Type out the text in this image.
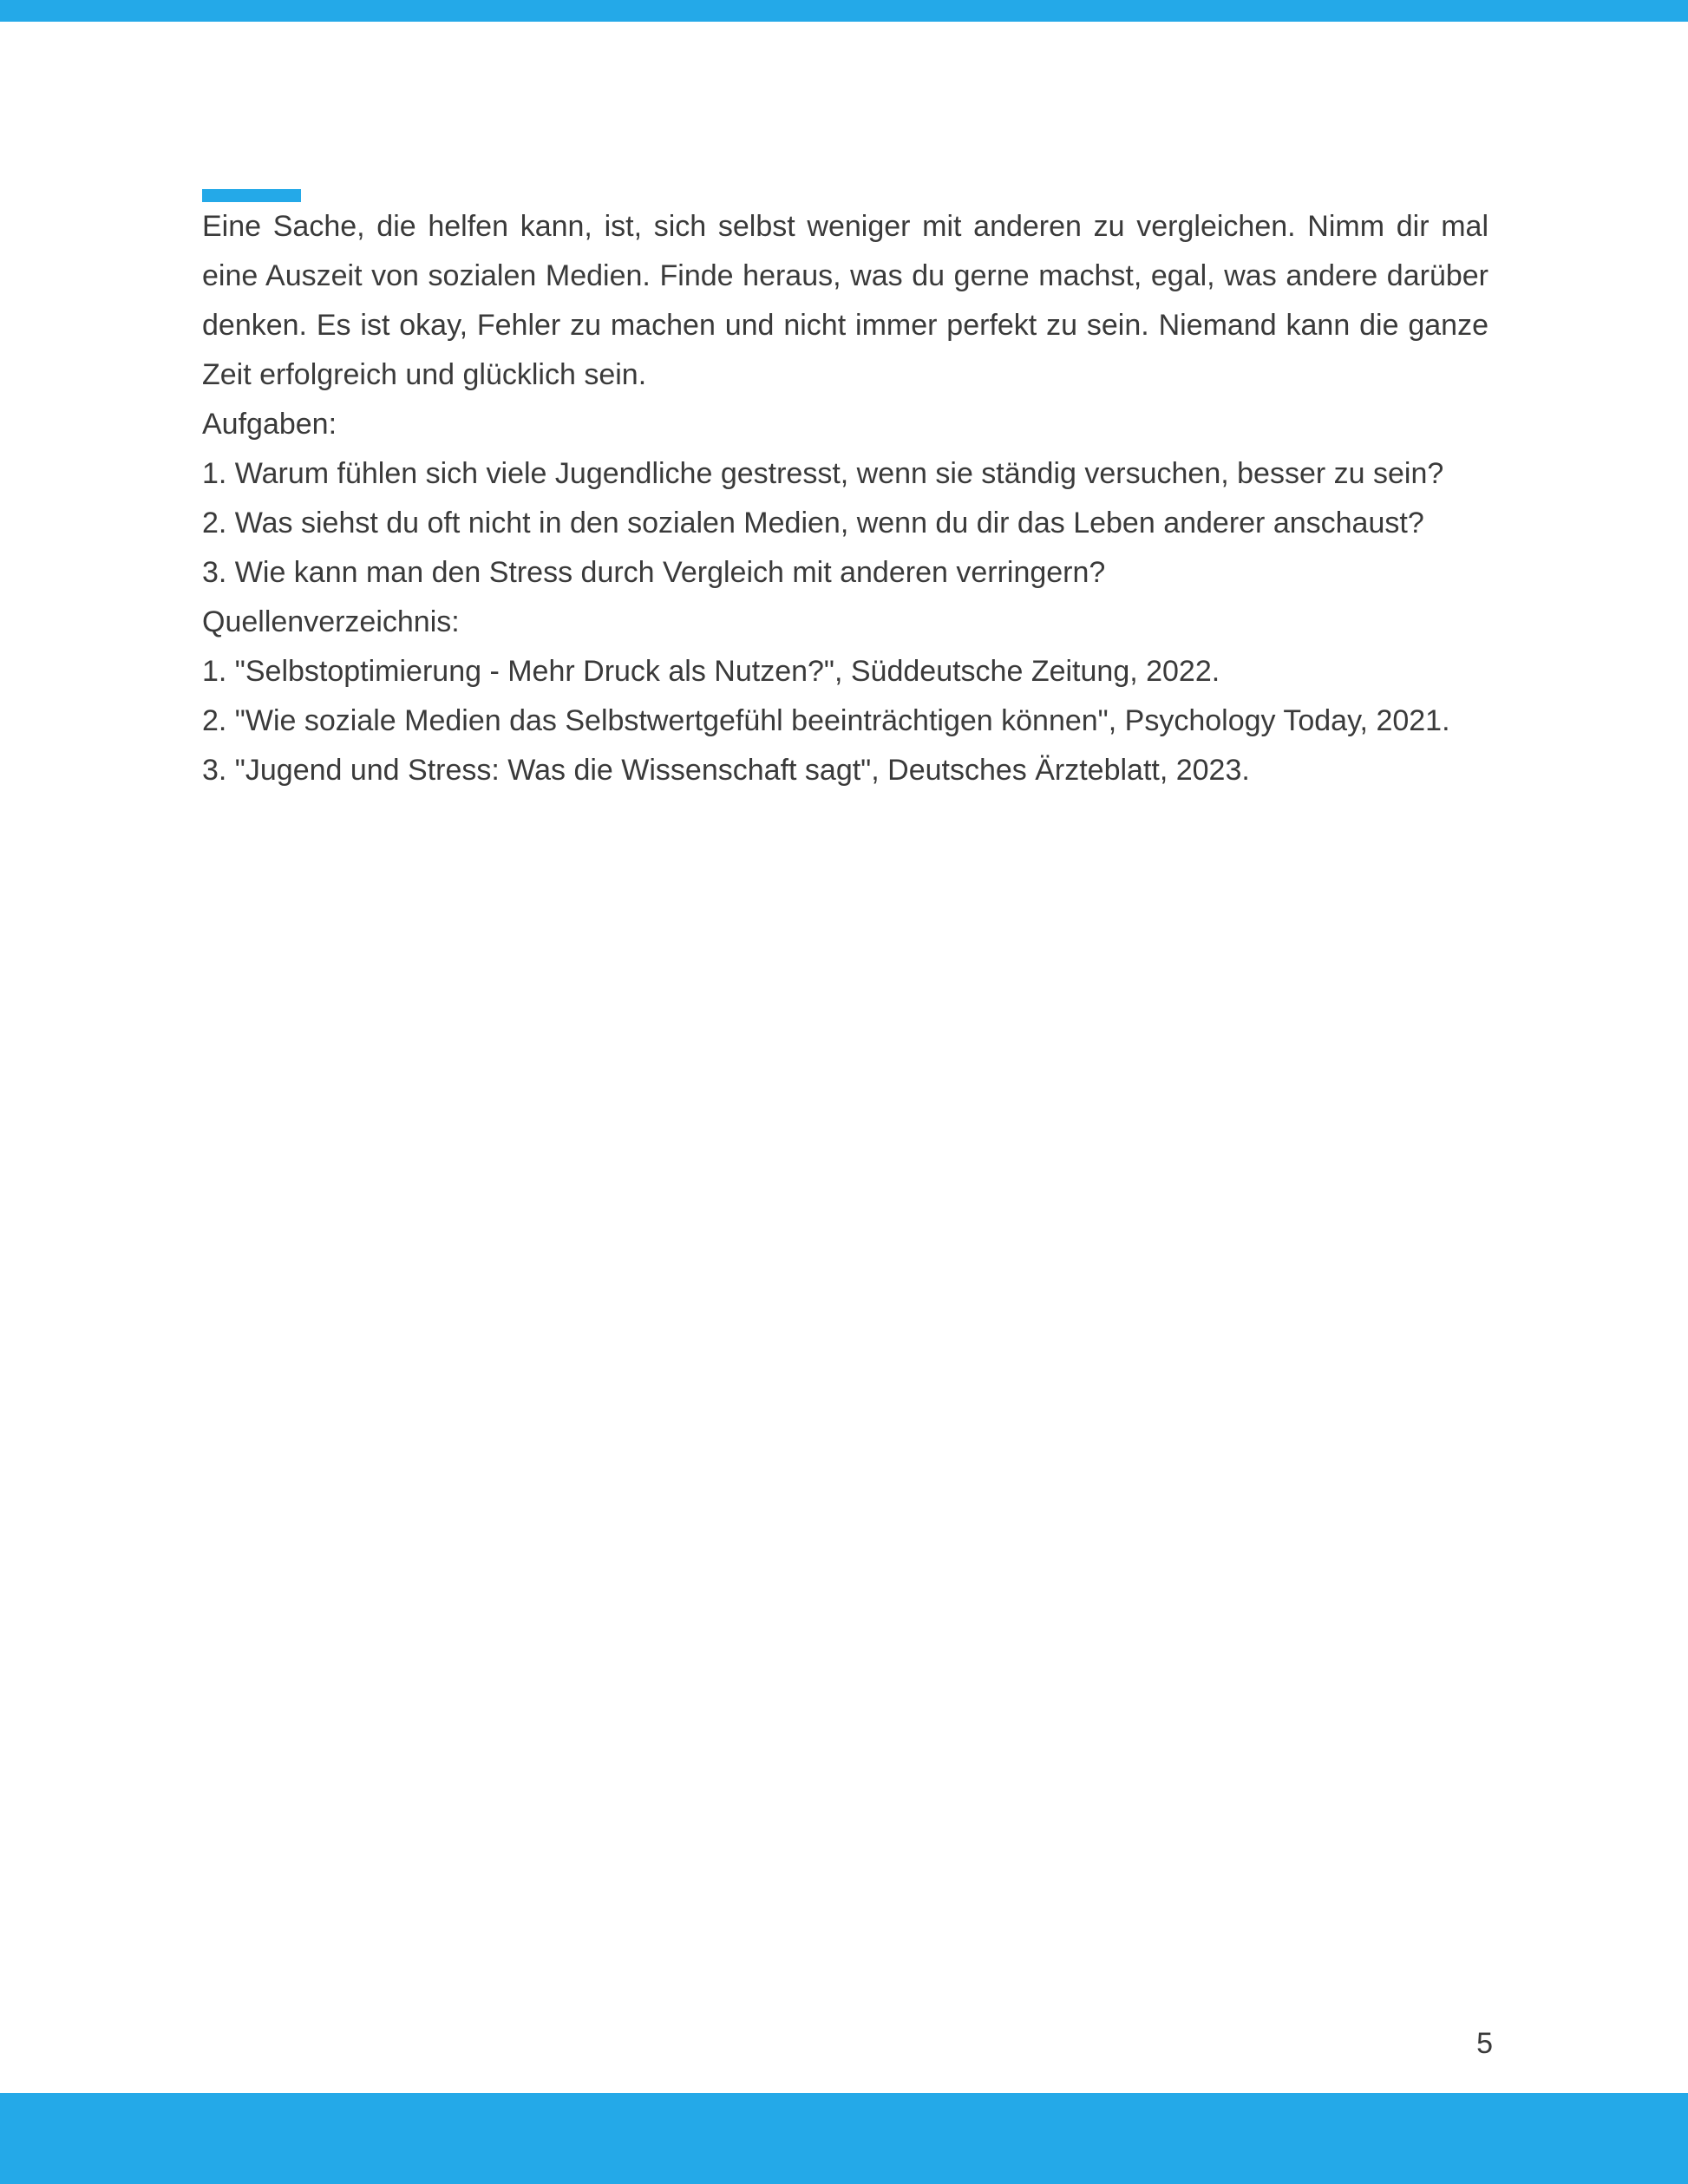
Eine Sache, die helfen kann, ist, sich selbst weniger mit anderen zu vergleichen. Nimm dir mal eine Auszeit von sozialen Medien. Finde heraus, was du gerne machst, egal, was andere darüber denken. Es ist okay, Fehler zu machen und nicht immer perfekt zu sein. Niemand kann die ganze Zeit erfolgreich und glücklich sein.

Aufgaben:

1. Warum fühlen sich viele Jugendliche gestresst, wenn sie ständig versuchen, besser zu sein?

2. Was siehst du oft nicht in den sozialen Medien, wenn du dir das Leben anderer anschaust?

3. Wie kann man den Stress durch Vergleich mit anderen verringern?

Quellenverzeichnis:

1. "Selbstoptimierung - Mehr Druck als Nutzen?", Süddeutsche Zeitung, 2022.

2. "Wie soziale Medien das Selbstwertgefühl beeinträchtigen können", Psychology Today, 2021.

3. "Jugend und Stress: Was die Wissenschaft sagt", Deutsches Ärzteblatt, 2023.

5
